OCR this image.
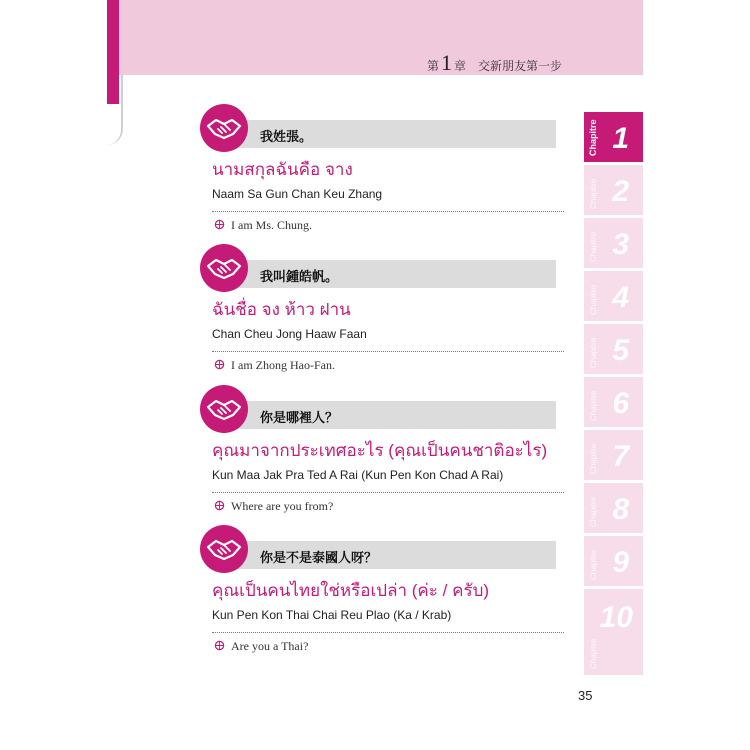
第 1 章 交新朋友第一步
Chapitre 1
Chapitre 2
Chapitre 3
Chapitre 4
Chapitre 5
Chapitre 6
Chapitre 7
Chapitre 8
Chapitre 9
Chapitre
10
我姓張。
นามสกุลฉันคือ จาง
Naam Sa Gun Chan Keu Zhang
I am Ms. Chung.
我叫鍾皓帆。
ฉันชื่อ จง ห้าว ฝาน
Chan Cheu Jong Haaw Faan
I am Zhong Hao-Fan.
你是哪裡人？
คุณมาจากประเทศอะไร (คุณเป็นคนชาติอะไร)
Kun Maa Jak Pra Ted A Rai (Kun Pen Kon Chad A Rai)
Where are you from?
你是不是泰國人呀？
คุณเป็นคนไทยใช่หรือเปล่า (ค่ะ / ครับ)
Kun Pen Kon Thai Chai Reu Plao (Ka / Krab)
Are you a Thai?
35
